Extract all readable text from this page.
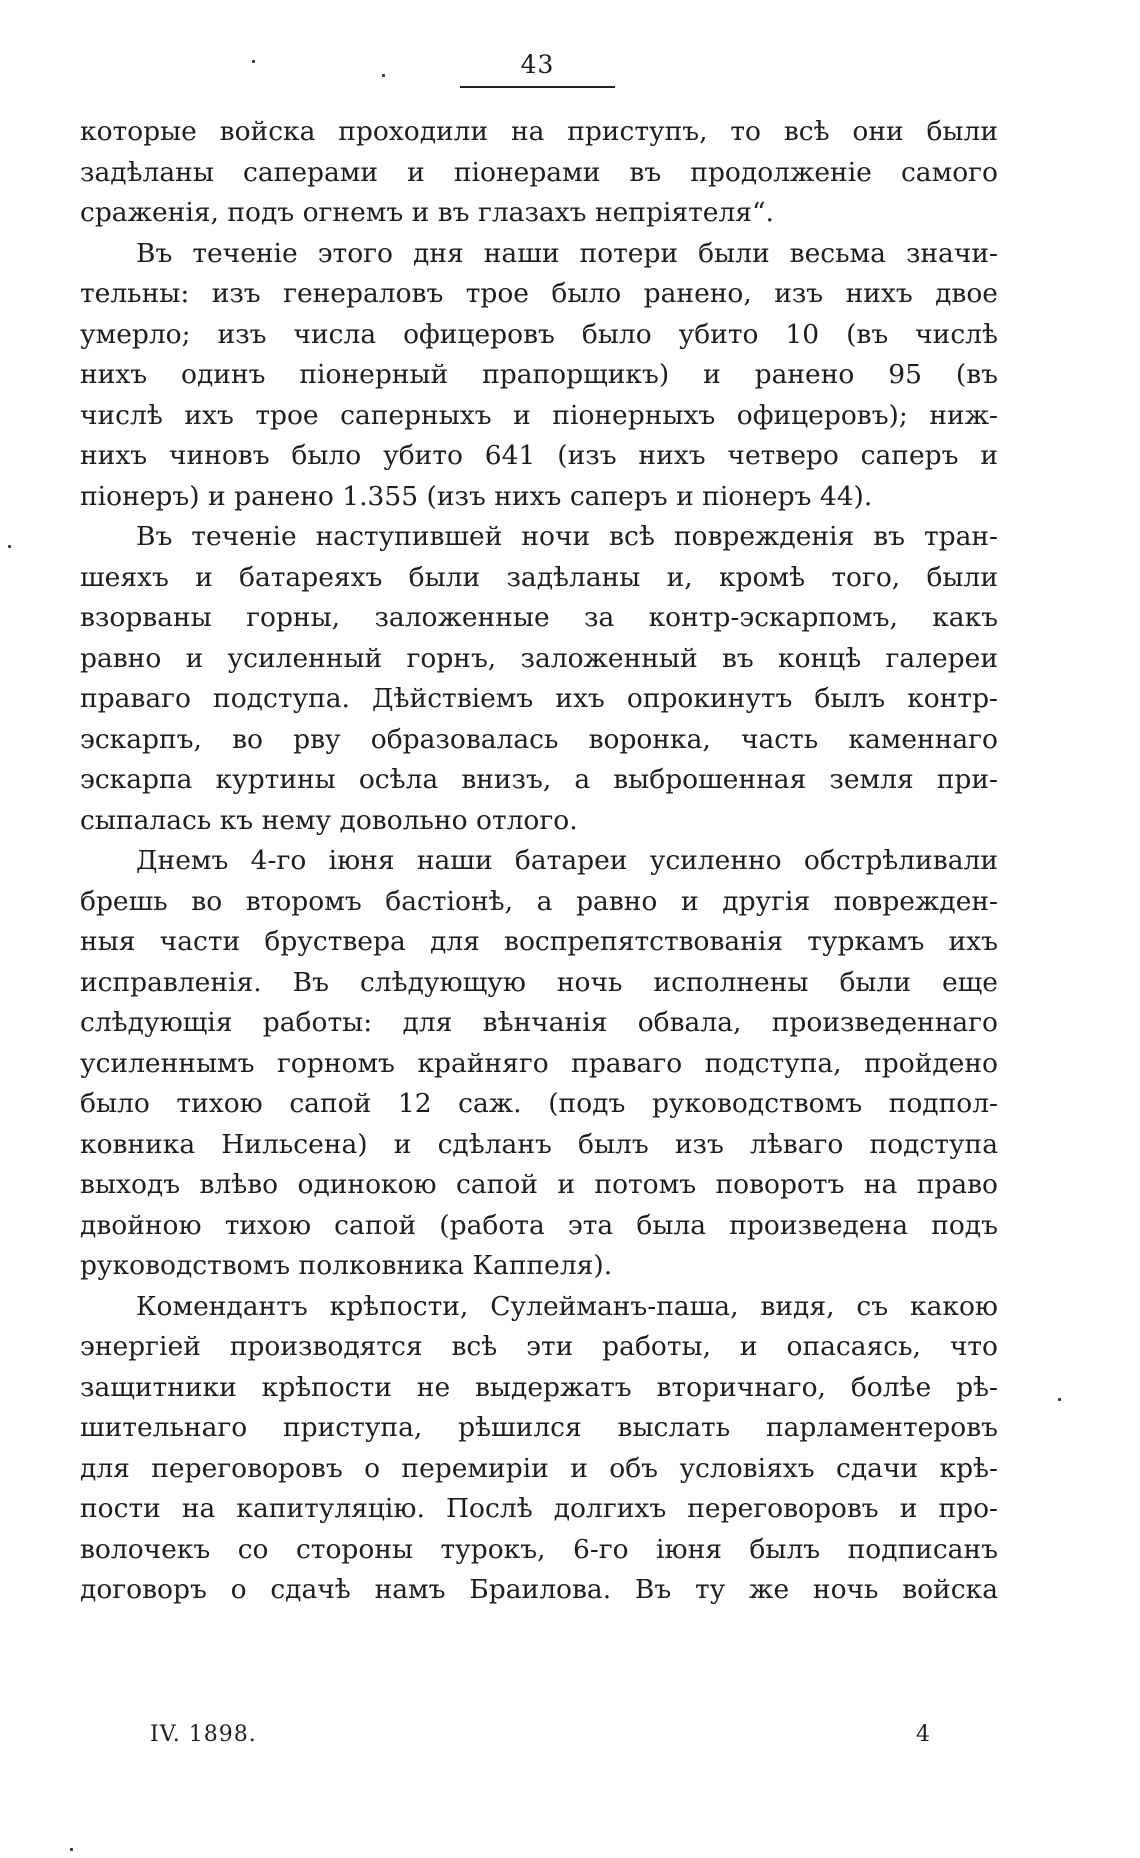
43
которые войска проходили на приступъ, то всѣ они были
задѣланы саперами и піонерами въ продолженіе самого
сраженія, подъ огнемъ и въ глазахъ непріятеля“.
Въ теченіе этого дня наши потери были весьма значи-
тельны: изъ генераловъ трое было ранено, изъ нихъ двое
умерло; изъ числа офицеровъ было убито 10 (въ числѣ
нихъ одинъ піонерный прапорщикъ) и ранено 95 (въ
числѣ ихъ трое саперныхъ и піонерныхъ офицеровъ); ниж-
нихъ чиновъ было убито 641 (изъ нихъ четверо саперъ и
піонеръ) и ранено 1.355 (изъ нихъ саперъ и піонеръ 44).
Въ теченіе наступившей ночи всѣ поврежденія въ тран-
шеяхъ и батареяхъ были задѣланы и, кромѣ того, были
взорваны горны, заложенные за контр-эскарпомъ, какъ
равно и усиленный горнъ, заложенный въ концѣ галереи
праваго подступа. Дѣйствіемъ ихъ опрокинутъ былъ контр-
эскарпъ, во рву образовалась воронка, часть каменнаго
эскарпа куртины осѣла внизъ, а выброшенная земля при-
сыпалась къ нему довольно отлого.
Днемъ 4-го іюня наши батареи усиленно обстрѣливали
брешь во второмъ бастіонѣ, а равно и другія поврежден-
ныя части бруствера для воспрепятствованія туркамъ ихъ
исправленія. Въ слѣдующую ночь исполнены были еще
слѣдующія работы: для вѣнчанія обвала, произведеннаго
усиленнымъ горномъ крайняго праваго подступа, пройдено
было тихою сапой 12 саж. (подъ руководствомъ подпол-
ковника Нильсена) и сдѣланъ былъ изъ лѣваго подступа
выходъ влѣво одинокою сапой и потомъ поворотъ на право
двойною тихою сапой (работа эта была произведена подъ
руководствомъ полковника Каппеля).
Комендантъ крѣпости, Сулейманъ-паша, видя, съ какою
энергіей производятся всѣ эти работы, и опасаясь, что
защитники крѣпости не выдержатъ вторичнаго, болѣе рѣ-
шительнаго приступа, рѣшился выслать парламентеровъ
для переговоровъ о перемиріи и объ условіяхъ сдачи крѣ-
пости на капитуляцію. Послѣ долгихъ переговоровъ и про-
волочекъ со стороны турокъ, 6-го іюня былъ подписанъ
договоръ о сдачѣ намъ Браилова. Въ ту же ночь войска
IV. 1898.	4
